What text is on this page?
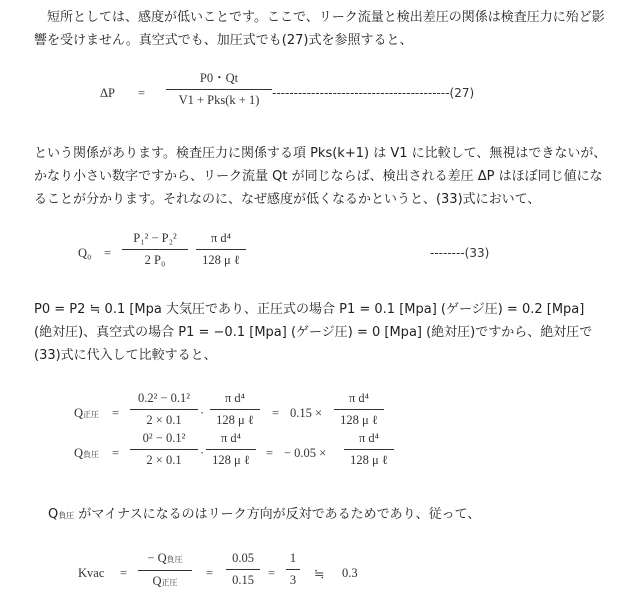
　短所としては、感度が低いことです。ここで、リーク流量と検出差圧の関係は検査圧力に殆ど影
響を受けません。真空式でも、加圧式でも(27)式を参照すると、

ΔP =
P0・Qt
V1 + Pks(k + 1)	-----------------------------------------(27)

という関係があります。検査圧力に関係する項 Pks(k+1) は V1 に比較して、無視はできないが、
かなり小さい数字ですから、リーク流量 Qt が同じならば、検出される差圧 ΔP はほぼ同じ値にな
ることが分かります。それなのに、なぜ感度が低くなるかというと、(33)式において、

Q₀ =
P₁² − P₂²
2 P₀
π d⁴
128 μ ℓ	--------(33)

P0 = P2 ≒ 0.1 [Mpa 大気圧であり、正圧式の場合 P1 = 0.1 [Mpa] (ゲージ圧) = 0.2 [Mpa]
(絶対圧)、真空式の場合 P1 = −0.1 [Mpa] (ゲージ圧) = 0 [Mpa] (絶対圧)ですから、絶対圧で
(33)式に代入して比較すると、

Q正圧 =
0.2² − 0.1²
2 × 0.1	·
π d⁴
128 μ ℓ	= 0.15 ×
π d⁴
128 μ ℓ
Q負圧 =
0² − 0.1²
2 × 0.1	·
π d⁴
128 μ ℓ	= − 0.05 ×
π d⁴
128 μ ℓ

Q負圧 がマイナスになるのはリーク方向が反対であるためであり、従って、

Kvac =
− Q負圧
Q正圧
=
0.05
0.15	=
1
3	≒ 0.3
